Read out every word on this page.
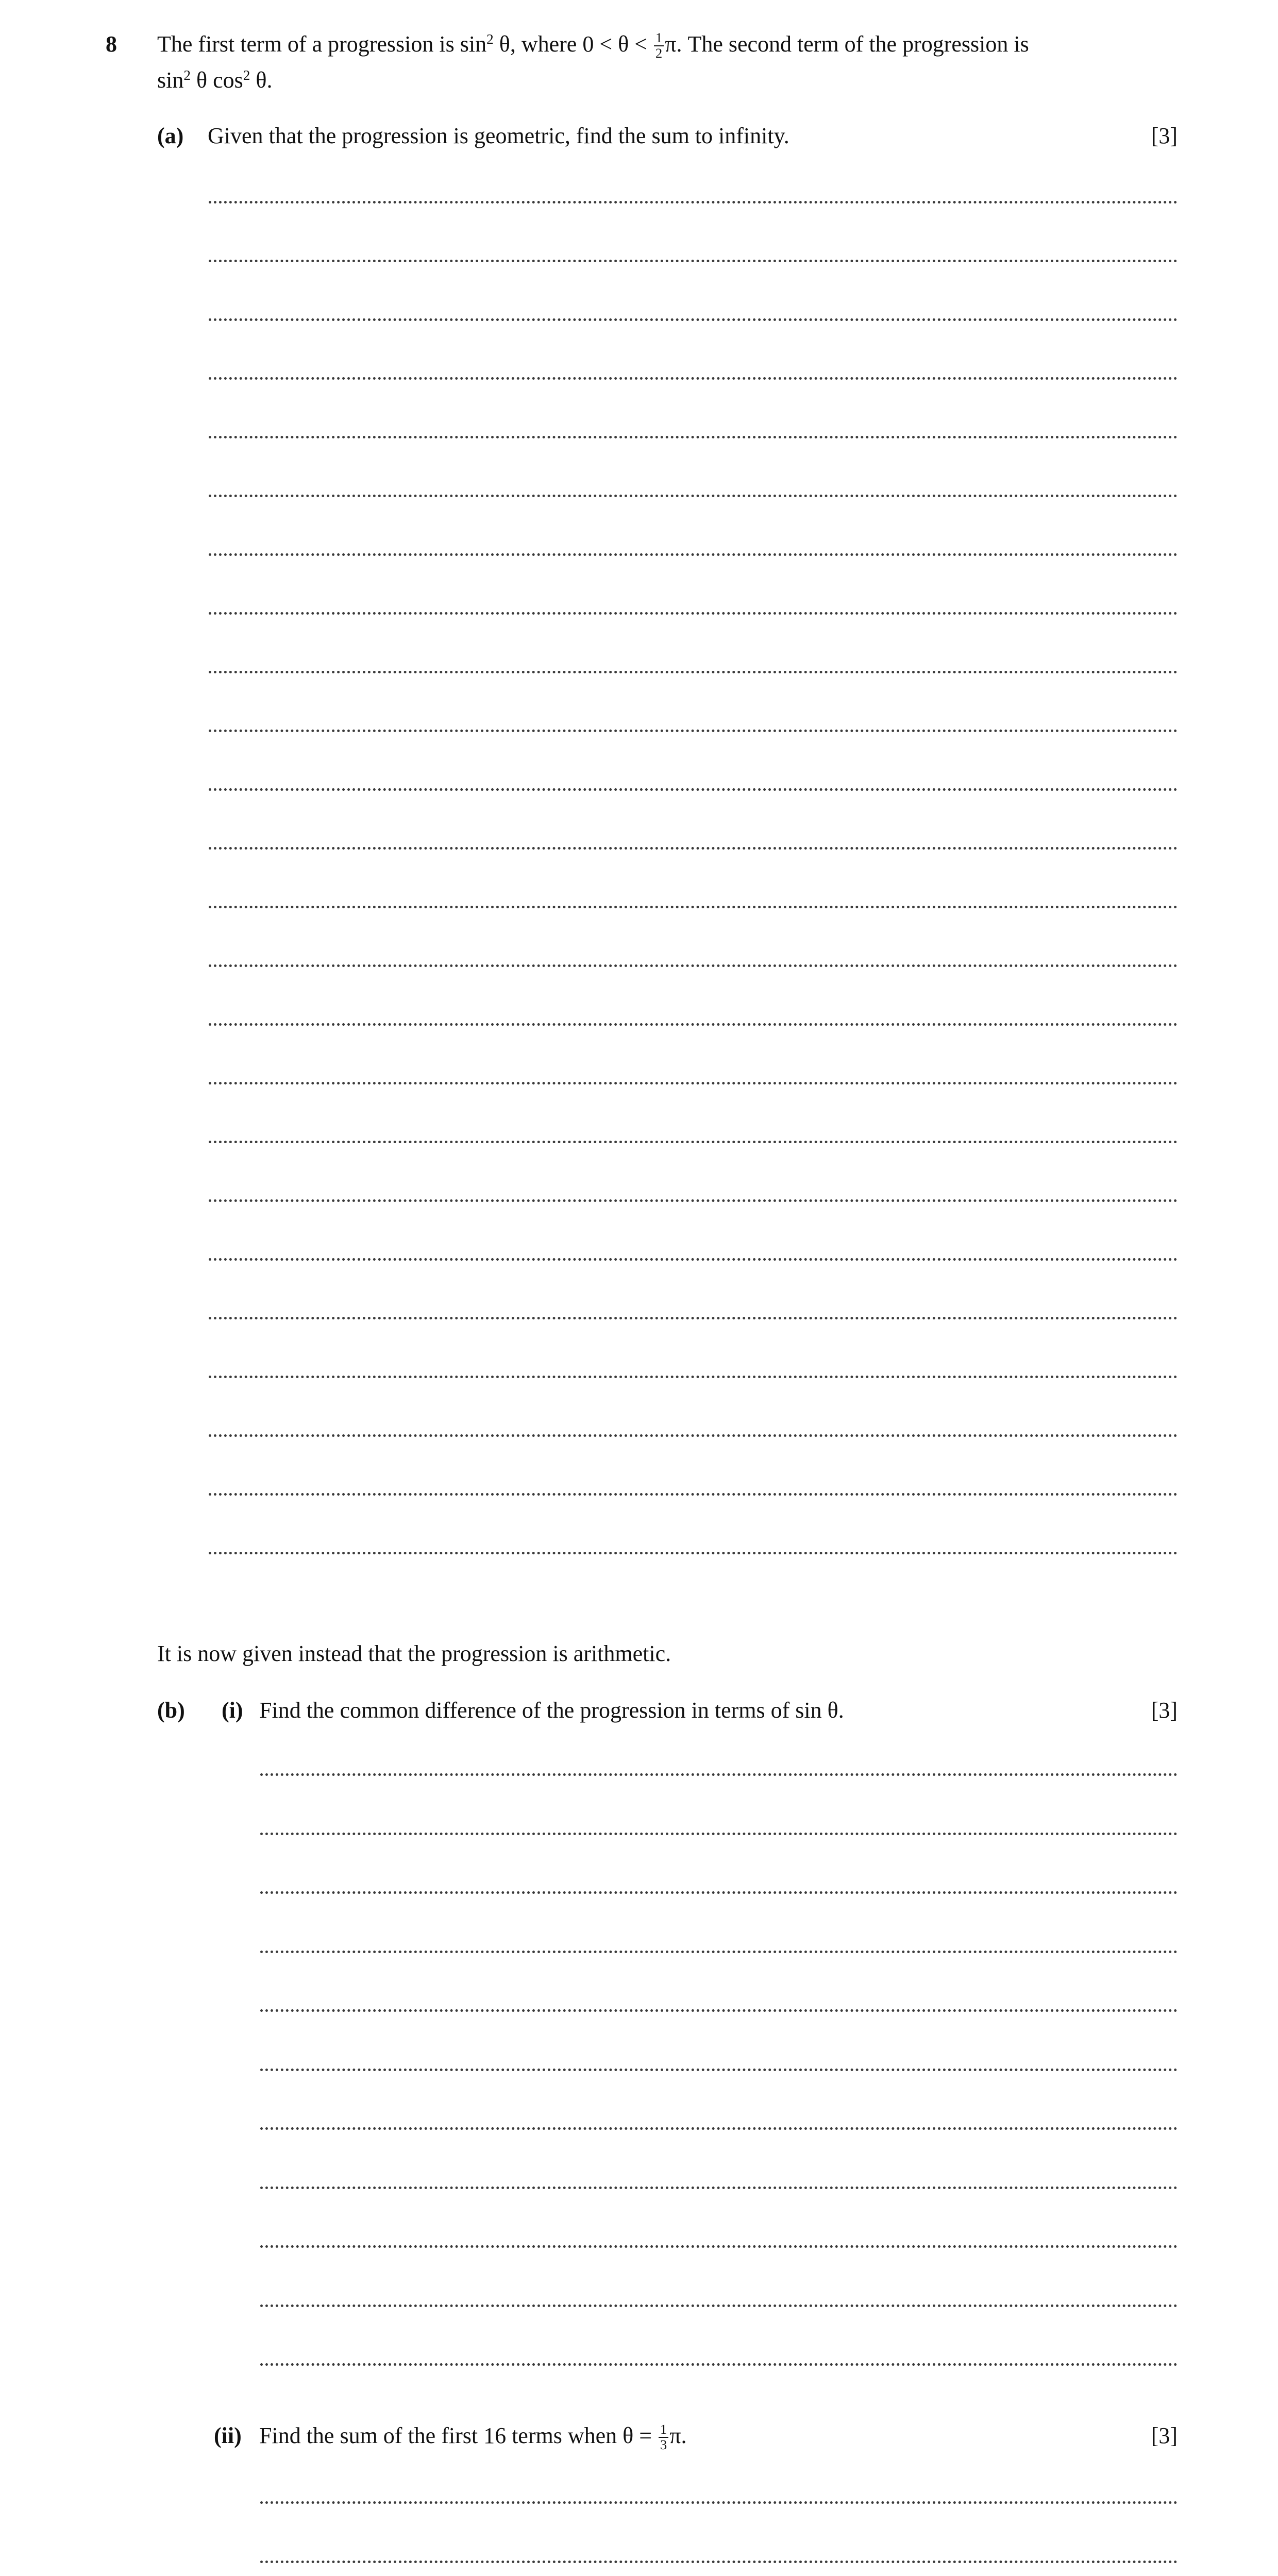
8 The first term of a progression is $\sin^2 \theta$, where $0 < \theta < \frac{1}{2} \pi$. The second term of the progression is
$\sin^2 \theta$ $\cos^2 \theta$.
(a) Given that the progression is geometric, find the sum to infinity.	[3]
It is now given instead that the progression is arithmetic.
(b) (i) Find the common difference of the progression in terms of sin θ.	[3]
(ii) Find the sum of the first 16 terms when $\theta = \frac{1}{3} \pi$.	[3]
